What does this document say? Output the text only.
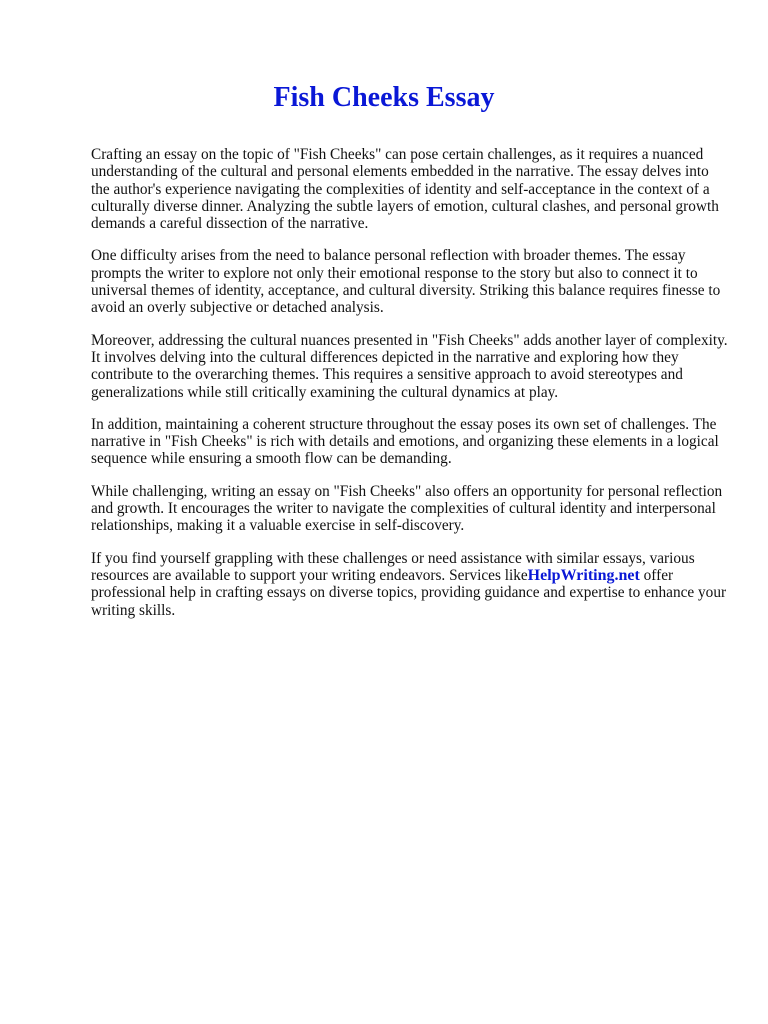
Fish Cheeks Essay

Crafting an essay on the topic of "Fish Cheeks" can pose certain challenges, as it requires a nuanced understanding of the cultural and personal elements embedded in the narrative. The essay delves into the author's experience navigating the complexities of identity and self-acceptance in the context of a culturally diverse dinner. Analyzing the subtle layers of emotion, cultural clashes, and personal growth demands a careful dissection of the narrative.

One difficulty arises from the need to balance personal reflection with broader themes. The essay prompts the writer to explore not only their emotional response to the story but also to connect it to universal themes of identity, acceptance, and cultural diversity. Striking this balance requires finesse to avoid an overly subjective or detached analysis.

Moreover, addressing the cultural nuances presented in "Fish Cheeks" adds another layer of complexity. It involves delving into the cultural differences depicted in the narrative and exploring how they contribute to the overarching themes. This requires a sensitive approach to avoid stereotypes and generalizations while still critically examining the cultural dynamics at play.

In addition, maintaining a coherent structure throughout the essay poses its own set of challenges. The narrative in "Fish Cheeks" is rich with details and emotions, and organizing these elements in a logical sequence while ensuring a smooth flow can be demanding.

While challenging, writing an essay on "Fish Cheeks" also offers an opportunity for personal reflection and growth. It encourages the writer to navigate the complexities of cultural identity and interpersonal relationships, making it a valuable exercise in self-discovery.

If you find yourself grappling with these challenges or need assistance with similar essays, various resources are available to support your writing endeavors. Services likeHelpWriting.net offer professional help in crafting essays on diverse topics, providing guidance and expertise to enhance your writing skills.
